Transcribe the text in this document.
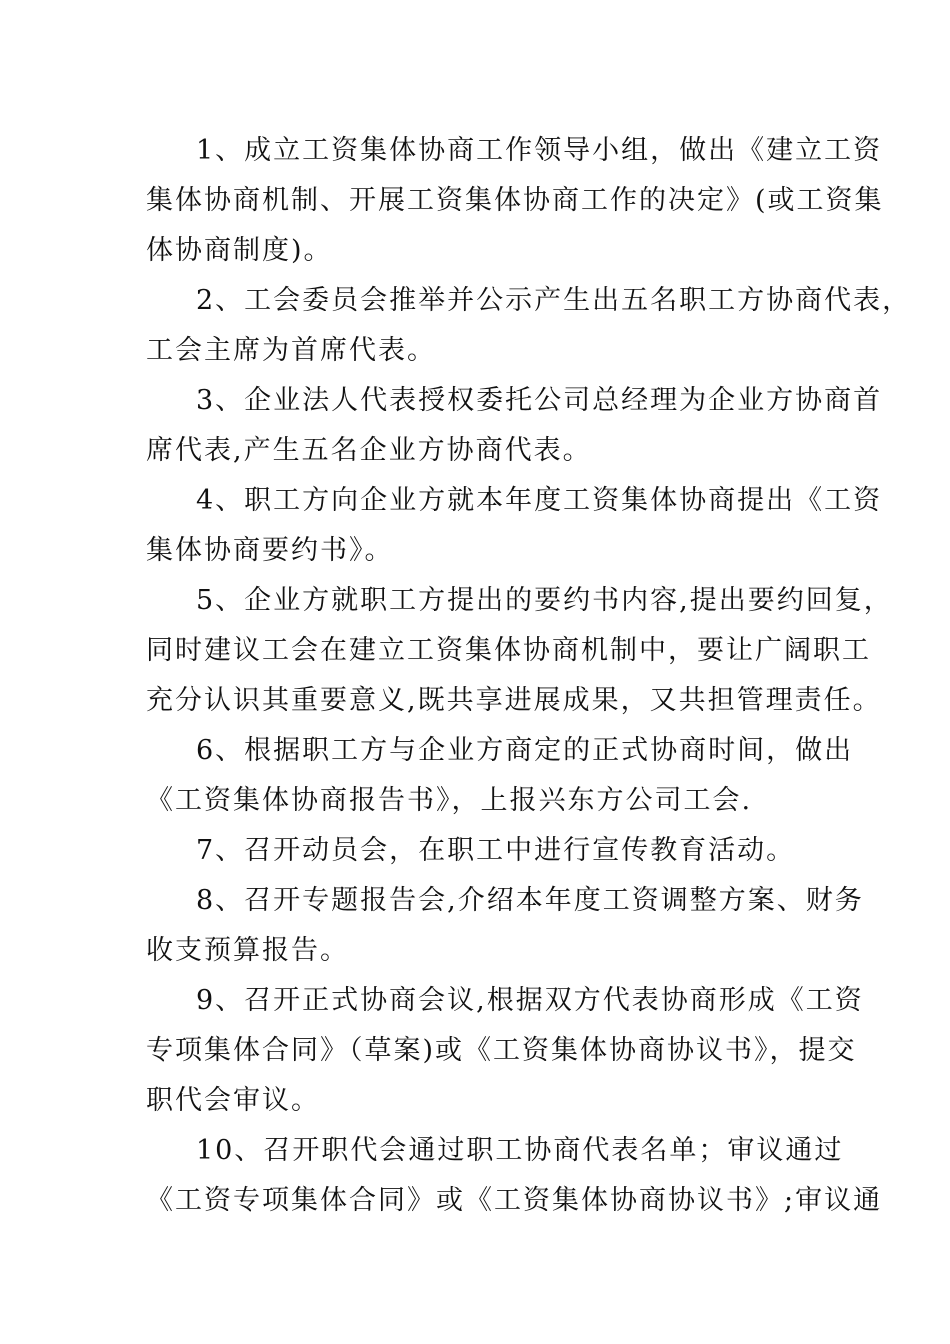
1、成立工资集体协商工作领导小组，做出《建立工资
集体协商机制、开展工资集体协商工作的决定》(或工资集
体协商制度)。
2、工会委员会推举并公示产生出五名职工方协商代表，
工会主席为首席代表。
3、企业法人代表授权委托公司总经理为企业方协商首
席代表,产生五名企业方协商代表。
4、职工方向企业方就本年度工资集体协商提出《工资
集体协商要约书》。
5、企业方就职工方提出的要约书内容,提出要约回复，
同时建议工会在建立工资集体协商机制中，要让广阔职工
充分认识其重要意义,既共享进展成果，又共担管理责任。
6、根据职工方与企业方商定的正式协商时间，做出
《工资集体协商报告书》，上报兴东方公司工会.
7、召开动员会，在职工中进行宣传教育活动。
8、召开专题报告会,介绍本年度工资调整方案、财务
收支预算报告。
9、召开正式协商会议,根据双方代表协商形成《工资
专项集体合同》（草案)或《工资集体协商协议书》，提交
职代会审议。
10、召开职代会通过职工协商代表名单；审议通过
《工资专项集体合同》或《工资集体协商协议书》;审议通
